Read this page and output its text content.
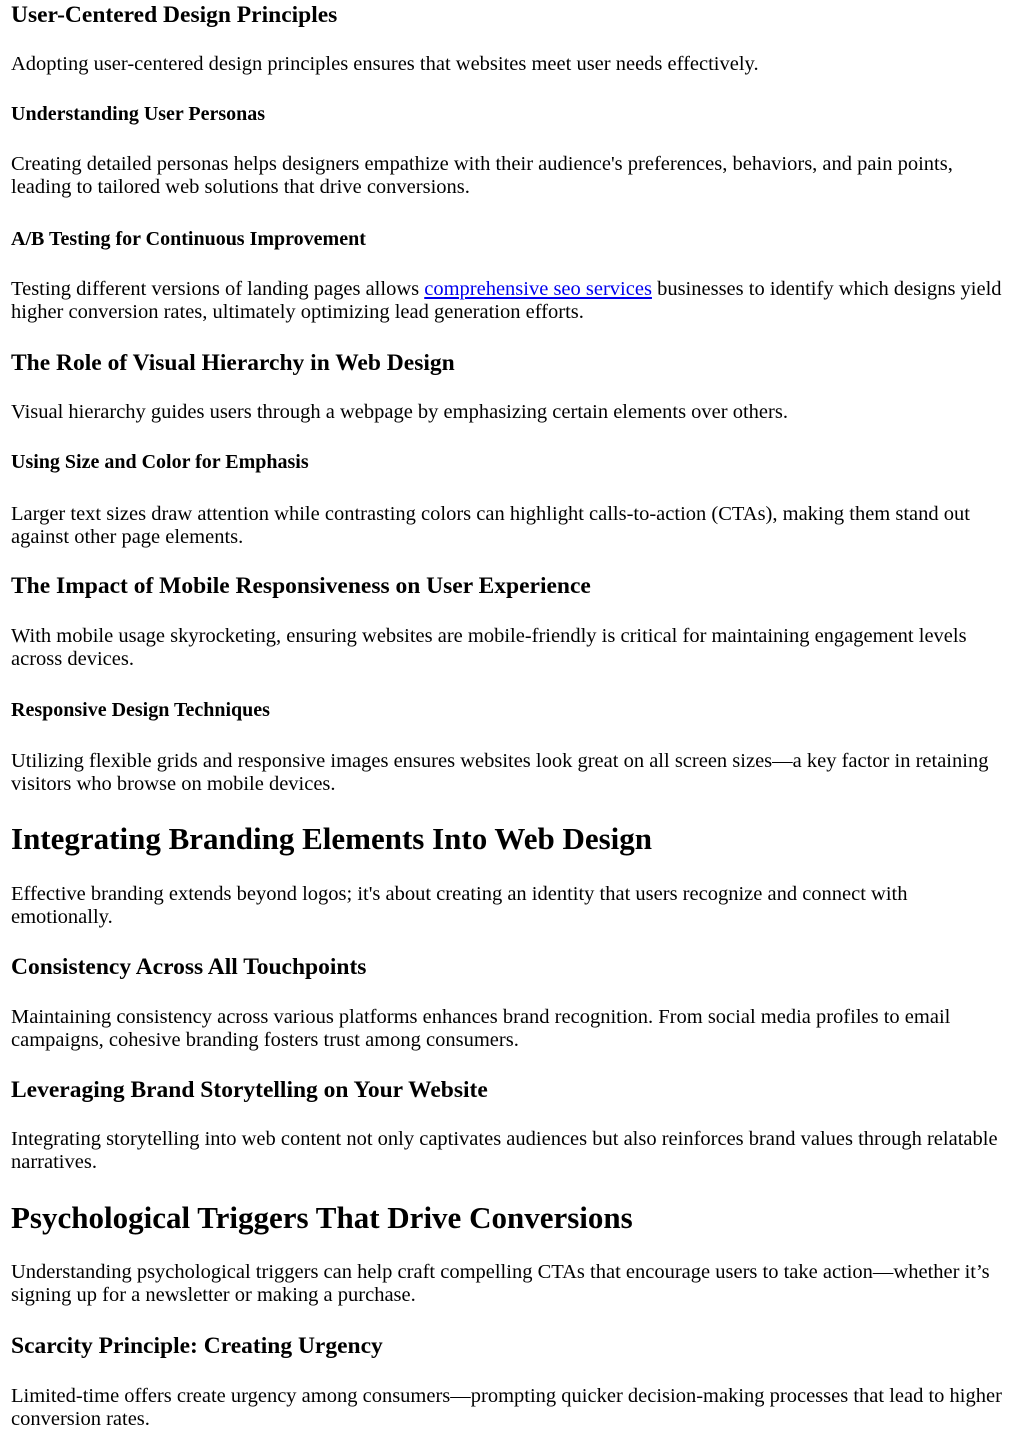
User-Centered Design Principles

Adopting user-centered design principles ensures that websites meet user needs effectively.

Understanding User Personas

Creating detailed personas helps designers empathize with their audience's preferences, behaviors, and pain points, leading to tailored web solutions that drive conversions.

A/B Testing for Continuous Improvement

Testing different versions of landing pages allows comprehensive seo services businesses to identify which designs yield higher conversion rates, ultimately optimizing lead generation efforts.

The Role of Visual Hierarchy in Web Design

Visual hierarchy guides users through a webpage by emphasizing certain elements over others.

Using Size and Color for Emphasis

Larger text sizes draw attention while contrasting colors can highlight calls-to-action (CTAs), making them stand out against other page elements.

The Impact of Mobile Responsiveness on User Experience

With mobile usage skyrocketing, ensuring websites are mobile-friendly is critical for maintaining engagement levels across devices.

Responsive Design Techniques

Utilizing flexible grids and responsive images ensures websites look great on all screen sizes—a key factor in retaining visitors who browse on mobile devices.

Integrating Branding Elements Into Web Design

Effective branding extends beyond logos; it's about creating an identity that users recognize and connect with emotionally.

Consistency Across All Touchpoints

Maintaining consistency across various platforms enhances brand recognition. From social media profiles to email campaigns, cohesive branding fosters trust among consumers.

Leveraging Brand Storytelling on Your Website

Integrating storytelling into web content not only captivates audiences but also reinforces brand values through relatable narratives.

Psychological Triggers That Drive Conversions

Understanding psychological triggers can help craft compelling CTAs that encourage users to take action—whether it’s signing up for a newsletter or making a purchase.

Scarcity Principle: Creating Urgency

Limited-time offers create urgency among consumers—prompting quicker decision-making processes that lead to higher conversion rates.
